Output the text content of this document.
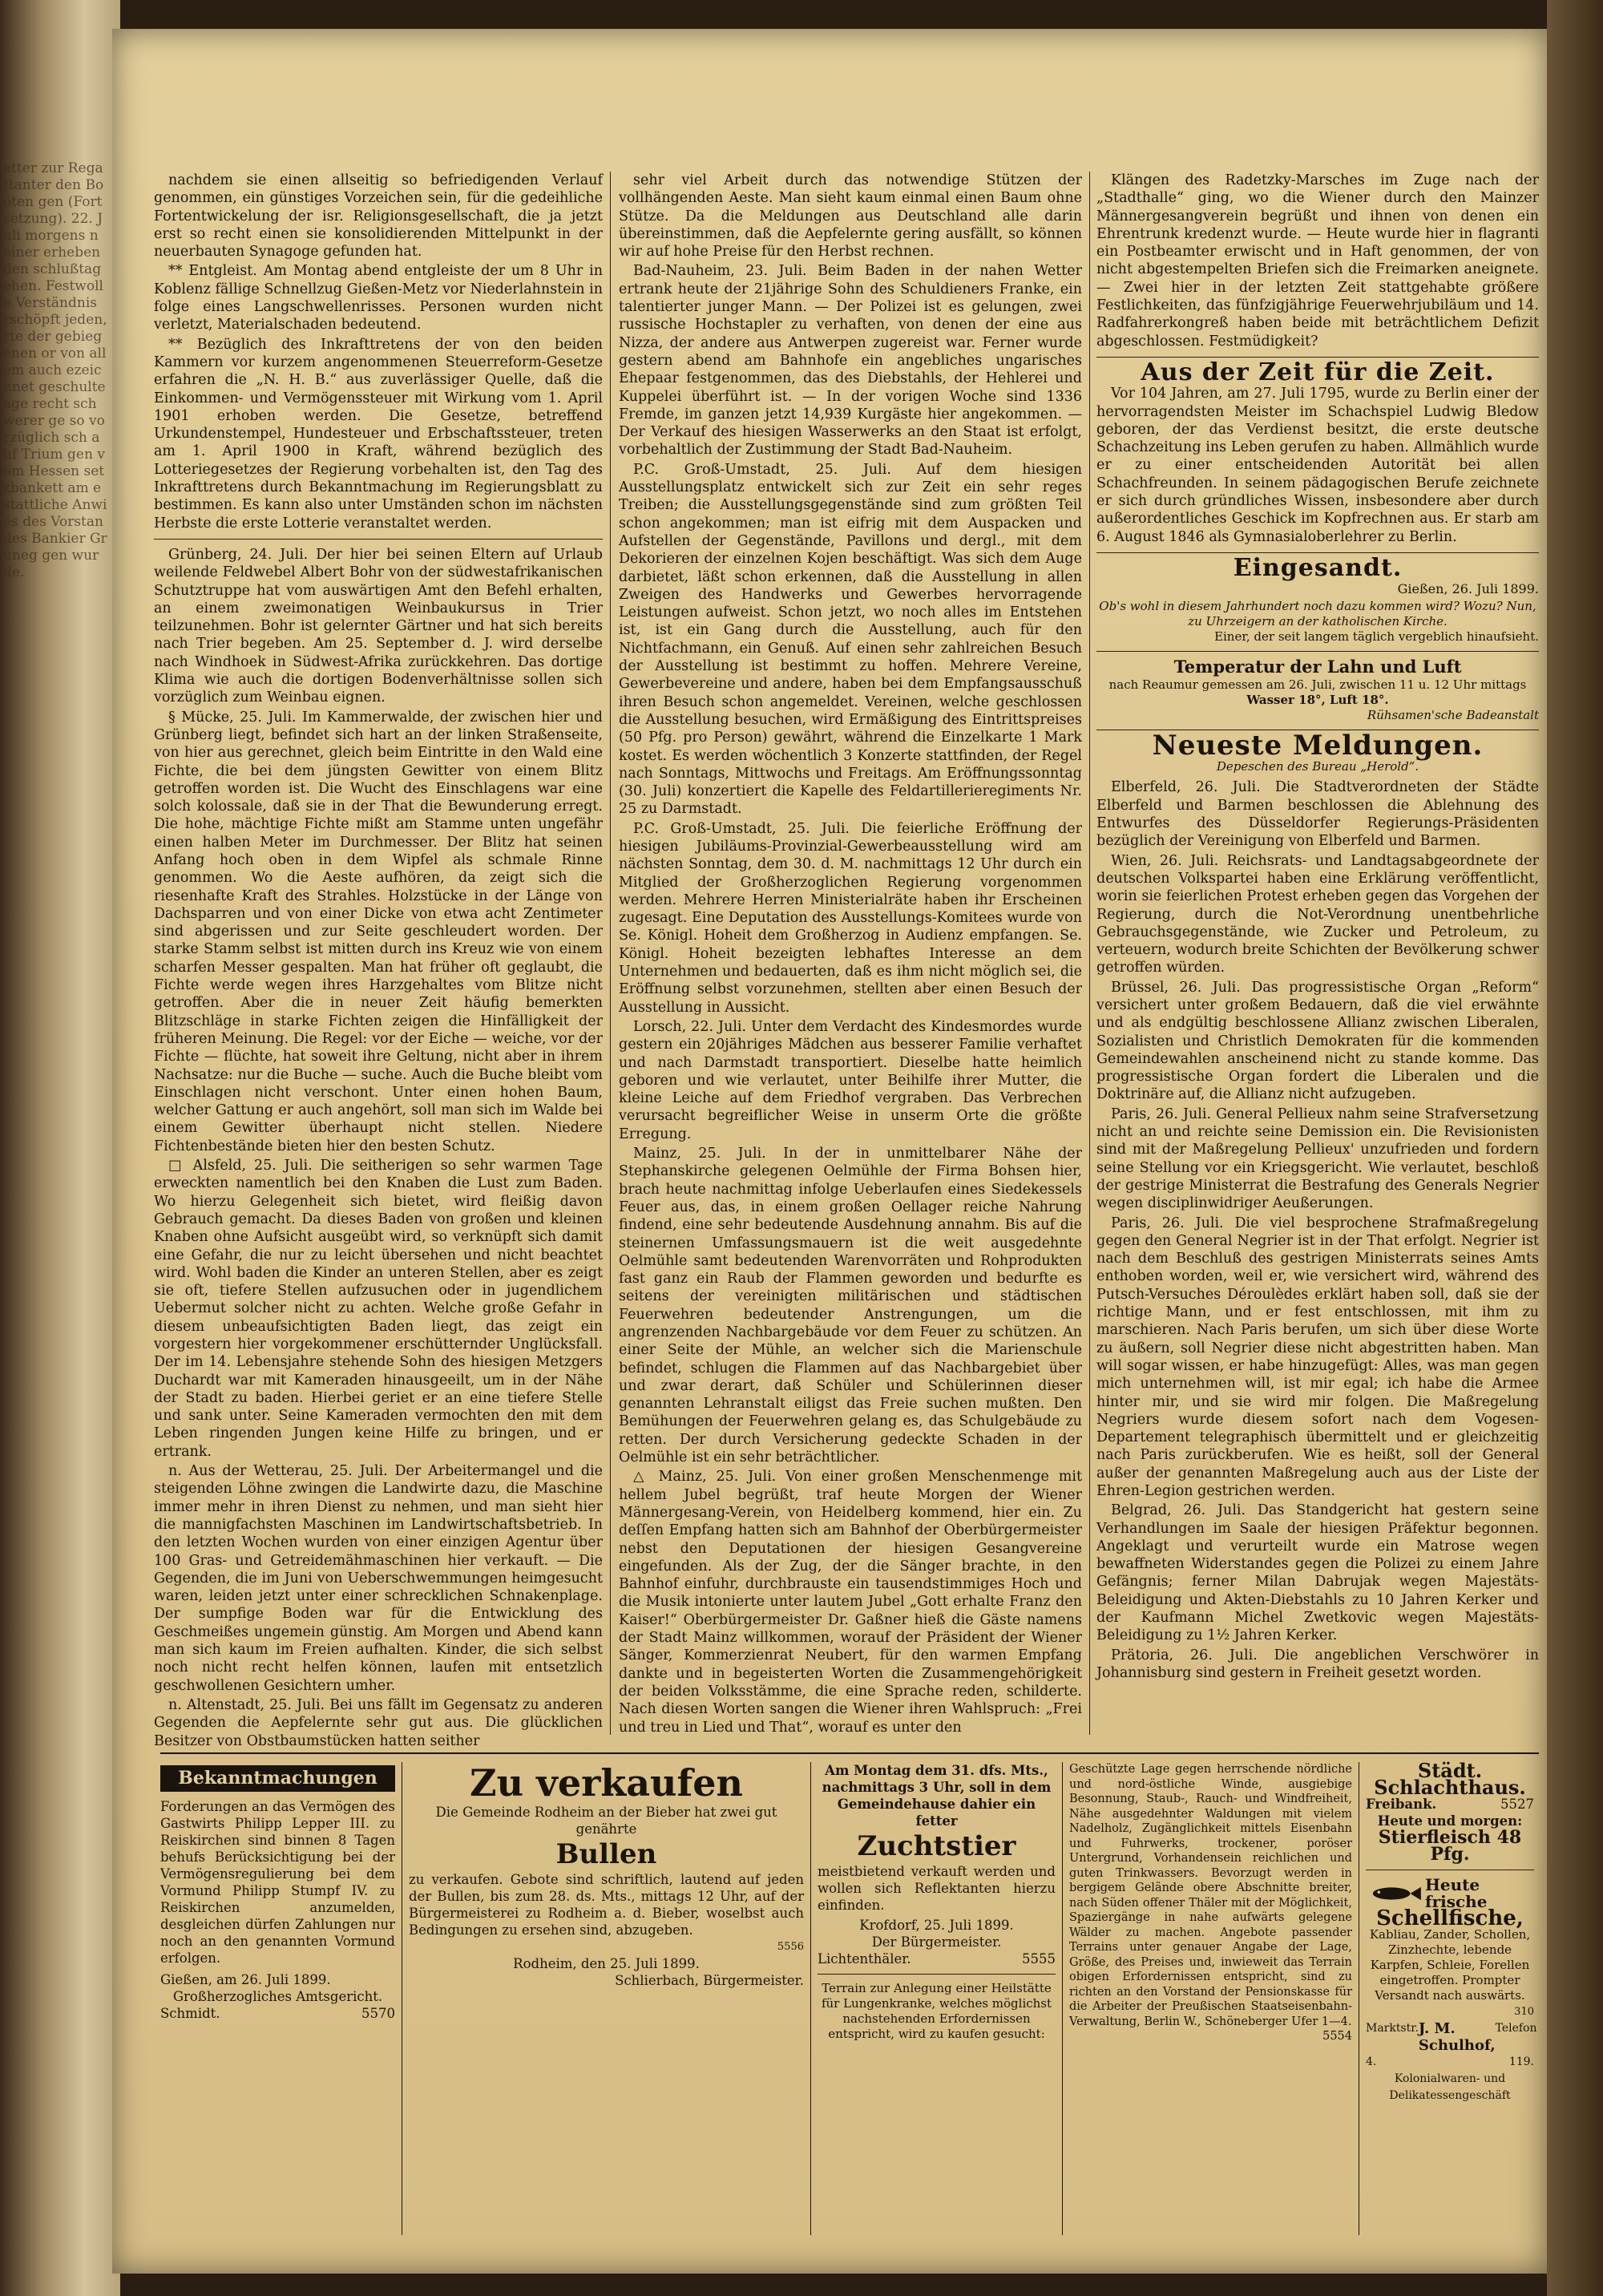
etter zur Regattanter den Booten gen (Fortsetzung). 22. Juli morgens n einer erhebenden schlußtag ehen. Festwolle Verständnis rschöpft jeden, rte der gebiegenen or von allem auch ezeichnet geschulte age recht schwerer ge so vorzüglich sch auf Trium gen vom Hessen setzbankett am e stattliche Anwies des Vorstandes Bankier Grüneg gen wurde.

nachdem sie einen allseitig so befriedigenden Verlauf genommen, ein günstiges Vorzeichen sein, für die gedeihliche Fortentwickelung der isr. Religionsgesellschaft, die ja jetzt erst so recht einen sie konsolidierenden Mittelpunkt in der neuerbauten Synagoge gefunden hat.

** Entgleist. Am Montag abend entgleiste der um 8 Uhr in Koblenz fällige Schnellzug Gießen-Metz vor Niederlahnstein in folge eines Langschwellenrisses. Personen wurden nicht verletzt, Materialschaden bedeutend.

** Bezüglich des Inkrafttretens der von den beiden Kammern vor kurzem angenommenen Steuerreform-Gesetze erfahren die „N. H. B.“ aus zuverlässiger Quelle, daß die Einkommen- und Vermögenssteuer mit Wirkung vom 1. April 1901 erhoben werden. Die Gesetze, betreffend Urkundenstempel, Hundesteuer und Erbschaftssteuer, treten am 1. April 1900 in Kraft, während bezüglich des Lotteriegesetzes der Regierung vorbehalten ist, den Tag des Inkrafttretens durch Bekanntmachung im Regierungsblatt zu bestimmen. Es kann also unter Umständen schon im nächsten Herbste die erste Lotterie veranstaltet werden.

Grünberg, 24. Juli. Der hier bei seinen Eltern auf Urlaub weilende Feldwebel Albert Bohr von der südwestafrikanischen Schutztruppe hat vom auswärtigen Amt den Befehl erhalten, an einem zweimonatigen Weinbaukursus in Trier teilzunehmen. Bohr ist gelernter Gärtner und hat sich bereits nach Trier begeben. Am 25. September d. J. wird derselbe nach Windhoek in Südwest-Afrika zurückkehren. Das dortige Klima wie auch die dortigen Bodenverhältnisse sollen sich vorzüglich zum Weinbau eignen.

§ Mücke, 25. Juli. Im Kammerwalde, der zwischen hier und Grünberg liegt, befindet sich hart an der linken Straßenseite, von hier aus gerechnet, gleich beim Eintritte in den Wald eine Fichte, die bei dem jüngsten Gewitter von einem Blitz getroffen worden ist. Die Wucht des Einschlagens war eine solch kolossale, daß sie in der That die Bewunderung erregt. Die hohe, mächtige Fichte mißt am Stamme unten ungefähr einen halben Meter im Durchmesser. Der Blitz hat seinen Anfang hoch oben in dem Wipfel als schmale Rinne genommen. Wo die Aeste aufhören, da zeigt sich die riesenhafte Kraft des Strahles. Holzstücke in der Länge von Dachsparren und von einer Dicke von etwa acht Zentimeter sind abgerissen und zur Seite geschleudert worden. Der starke Stamm selbst ist mitten durch ins Kreuz wie von einem scharfen Messer gespalten. Man hat früher oft geglaubt, die Fichte werde wegen ihres Harzgehaltes vom Blitze nicht getroffen. Aber die in neuer Zeit häufig bemerkten Blitzschläge in starke Fichten zeigen die Hinfälligkeit der früheren Meinung. Die Regel: vor der Eiche — weiche, vor der Fichte — flüchte, hat soweit ihre Geltung, nicht aber in ihrem Nachsatze: nur die Buche — suche. Auch die Buche bleibt vom Einschlagen nicht verschont. Unter einen hohen Baum, welcher Gattung er auch angehört, soll man sich im Walde bei einem Gewitter überhaupt nicht stellen. Niedere Fichtenbestände bieten hier den besten Schutz.

□ Alsfeld, 25. Juli. Die seitherigen so sehr warmen Tage erweckten namentlich bei den Knaben die Lust zum Baden. Wo hierzu Gelegenheit sich bietet, wird fleißig davon Gebrauch gemacht. Da dieses Baden von großen und kleinen Knaben ohne Aufsicht ausgeübt wird, so verknüpft sich damit eine Gefahr, die nur zu leicht übersehen und nicht beachtet wird. Wohl baden die Kinder an unteren Stellen, aber es zeigt sie oft, tiefere Stellen aufzusuchen oder in jugendlichem Uebermut solcher nicht zu achten. Welche große Gefahr in diesem unbeaufsichtigten Baden liegt, das zeigt ein vorgestern hier vorgekommener erschütternder Unglücksfall. Der im 14. Lebensjahre stehende Sohn des hiesigen Metzgers Duchardt war mit Kameraden hinausgeeilt, um in der Nähe der Stadt zu baden. Hierbei geriet er an eine tiefere Stelle und sank unter. Seine Kameraden vermochten den mit dem Leben ringenden Jungen keine Hilfe zu bringen, und er ertrank.

n. Aus der Wetterau, 25. Juli. Der Arbeitermangel und die steigenden Löhne zwingen die Landwirte dazu, die Maschine immer mehr in ihren Dienst zu nehmen, und man sieht hier die mannigfachsten Maschinen im Landwirtschaftsbetrieb. In den letzten Wochen wurden von einer einzigen Agentur über 100 Gras- und Getreidemähmaschinen hier verkauft. — Die Gegenden, die im Juni von Ueberschwemmungen heimgesucht waren, leiden jetzt unter einer schrecklichen Schnakenplage. Der sumpfige Boden war für die Entwicklung des Geschmeißes ungemein günstig. Am Morgen und Abend kann man sich kaum im Freien aufhalten. Kinder, die sich selbst noch nicht recht helfen können, laufen mit entsetzlich geschwollenen Gesichtern umher.

n. Altenstadt, 25. Juli. Bei uns fällt im Gegensatz zu anderen Gegenden die Aepfelernte sehr gut aus. Die glücklichen Besitzer von Obstbaumstücken hatten seither

sehr viel Arbeit durch das notwendige Stützen der vollhängenden Aeste. Man sieht kaum einmal einen Baum ohne Stütze. Da die Meldungen aus Deutschland alle darin übereinstimmen, daß die Aepfelernte gering ausfällt, so können wir auf hohe Preise für den Herbst rechnen.

Bad-Nauheim, 23. Juli. Beim Baden in der nahen Wetter ertrank heute der 21jährige Sohn des Schuldieners Franke, ein talentierter junger Mann. — Der Polizei ist es gelungen, zwei russische Hochstapler zu verhaften, von denen der eine aus Nizza, der andere aus Antwerpen zugereist war. Ferner wurde gestern abend am Bahnhofe ein angebliches ungarisches Ehepaar festgenommen, das des Diebstahls, der Hehlerei und Kuppelei überführt ist. — In der vorigen Woche sind 1336 Fremde, im ganzen jetzt 14,939 Kurgäste hier angekommen. — Der Verkauf des hiesigen Wasserwerks an den Staat ist erfolgt, vorbehaltlich der Zustimmung der Stadt Bad-Nauheim.

P.C. Groß-Umstadt, 25. Juli. Auf dem hiesigen Ausstellungsplatz entwickelt sich zur Zeit ein sehr reges Treiben; die Ausstellungsgegenstände sind zum größten Teil schon angekommen; man ist eifrig mit dem Auspacken und Aufstellen der Gegenstände, Pavillons und dergl., mit dem Dekorieren der einzelnen Kojen beschäftigt. Was sich dem Auge darbietet, läßt schon erkennen, daß die Ausstellung in allen Zweigen des Handwerks und Gewerbes hervorragende Leistungen aufweist. Schon jetzt, wo noch alles im Entstehen ist, ist ein Gang durch die Ausstellung, auch für den Nichtfachmann, ein Genuß. Auf einen sehr zahlreichen Besuch der Ausstellung ist bestimmt zu hoffen. Mehrere Vereine, Gewerbevereine und andere, haben bei dem Empfangsausschuß ihren Besuch schon angemeldet. Vereinen, welche geschlossen die Ausstellung besuchen, wird Ermäßigung des Eintrittspreises (50 Pfg. pro Person) gewährt, während die Einzelkarte 1 Mark kostet. Es werden wöchentlich 3 Konzerte stattfinden, der Regel nach Sonntags, Mittwochs und Freitags. Am Eröffnungssonntag (30. Juli) konzertiert die Kapelle des Feldartillerieregiments Nr. 25 zu Darmstadt.

P.C. Groß-Umstadt, 25. Juli. Die feierliche Eröffnung der hiesigen Jubiläums-Provinzial-Gewerbeausstellung wird am nächsten Sonntag, dem 30. d. M. nachmittags 12 Uhr durch ein Mitglied der Großherzoglichen Regierung vorgenommen werden. Mehrere Herren Ministerialräte haben ihr Erscheinen zugesagt. Eine Deputation des Ausstellungs-Komitees wurde von Se. Königl. Hoheit dem Großherzog in Audienz empfangen. Se. Königl. Hoheit bezeigten lebhaftes Interesse an dem Unternehmen und bedauerten, daß es ihm nicht möglich sei, die Eröffnung selbst vorzunehmen, stellten aber einen Besuch der Ausstellung in Aussicht.

Lorsch, 22. Juli. Unter dem Verdacht des Kindesmordes wurde gestern ein 20jähriges Mädchen aus besserer Familie verhaftet und nach Darmstadt transportiert. Dieselbe hatte heimlich geboren und wie verlautet, unter Beihilfe ihrer Mutter, die kleine Leiche auf dem Friedhof vergraben. Das Verbrechen verursacht begreiflicher Weise in unserm Orte die größte Erregung.

Mainz, 25. Juli. In der in unmittelbarer Nähe der Stephanskirche gelegenen Oelmühle der Firma Bohsen hier, brach heute nachmittag infolge Ueberlaufen eines Siedekessels Feuer aus, das, in einem großen Oellager reiche Nahrung findend, eine sehr bedeutende Ausdehnung annahm. Bis auf die steinernen Umfassungsmauern ist die weit ausgedehnte Oelmühle samt bedeutenden Warenvorräten und Rohprodukten fast ganz ein Raub der Flammen geworden und bedurfte es seitens der vereinigten militärischen und städtischen Feuerwehren bedeutender Anstrengungen, um die angrenzenden Nachbargebäude vor dem Feuer zu schützen. An einer Seite der Mühle, an welcher sich die Marienschule befindet, schlugen die Flammen auf das Nachbargebiet über und zwar derart, daß Schüler und Schülerinnen dieser genannten Lehranstalt eiligst das Freie suchen mußten. Den Bemühungen der Feuerwehren gelang es, das Schulgebäude zu retten. Der durch Versicherung gedeckte Schaden in der Oelmühle ist ein sehr beträchtlicher.

△ Mainz, 25. Juli. Von einer großen Menschenmenge mit hellem Jubel begrüßt, traf heute Morgen der Wiener Männergesang-Verein, von Heidelberg kommend, hier ein. Zu deſſen Empfang hatten sich am Bahnhof der Oberbürgermeister nebst den Deputationen der hiesigen Gesangvereine eingefunden. Als der Zug, der die Sänger brachte, in den Bahnhof einfuhr, durchbrauste ein tausendstimmiges Hoch und die Musik intonierte unter lautem Jubel „Gott erhalte Franz den Kaiser!“ Oberbürgermeister Dr. Gaßner hieß die Gäste namens der Stadt Mainz willkommen, worauf der Präsident der Wiener Sänger, Kommerzienrat Neubert, für den warmen Empfang dankte und in begeisterten Worten die Zusammengehörigkeit der beiden Volksstämme, die eine Sprache reden, schilderte. Nach diesen Worten sangen die Wiener ihren Wahlspruch: „Frei und treu in Lied und That“, worauf es unter den

Klängen des Radetzky-Marsches im Zuge nach der „Stadthalle“ ging, wo die Wiener durch den Mainzer Männergesangverein begrüßt und ihnen von denen ein Ehrentrunk kredenzt wurde. — Heute wurde hier in flagranti ein Postbeamter erwischt und in Haft genommen, der von nicht abgestempelten Briefen sich die Freimarken aneignete. — Zwei hier in der letzten Zeit stattgehabte größere Festlichkeiten, das fünfzigjährige Feuerwehrjubiläum und 14. Radfahrerkongreß haben beide mit beträchtlichem Defizit abgeschlossen. Festmüdigkeit?

Aus der Zeit für die Zeit.

Vor 104 Jahren, am 27. Juli 1795, wurde zu Berlin einer der hervorragendsten Meister im Schachspiel Ludwig Bledow geboren, der das Verdienst besitzt, die erste deutsche Schachzeitung ins Leben gerufen zu haben. Allmählich wurde er zu einer entscheidenden Autorität bei allen Schachfreunden. In seinem pädagogischen Berufe zeichnete er sich durch gründliches Wissen, insbesondere aber durch außerordentliches Geschick im Kopfrechnen aus. Er starb am 6. August 1846 als Gymnasialoberlehrer zu Berlin.

Eingesandt.
Gießen, 26. Juli 1899.
Ob's wohl in diesem Jahrhundert noch dazu kommen wird? Wozu? Nun, zu Uhrzeigern an der katholischen Kirche.
Einer, der seit langem täglich vergeblich hinaufsieht.
Temperatur der Lahn und Luft
nach Reaumur gemessen am 26. Juli, zwischen 11 u. 12 Uhr mittags
Wasser 18°, Luft 18°.
Rühsamen'sche Badeanstalt
Neueste Meldungen.
Depeschen des Bureau „Herold“.

Elberfeld, 26. Juli. Die Stadtverordneten der Städte Elberfeld und Barmen beschlossen die Ablehnung des Entwurfes des Düsseldorfer Regierungs-Präsidenten bezüglich der Vereinigung von Elberfeld und Barmen.

Wien, 26. Juli. Reichsrats- und Landtagsabgeordnete der deutschen Volkspartei haben eine Erklärung veröffentlicht, worin sie feierlichen Protest erheben gegen das Vorgehen der Regierung, durch die Not-Verordnung unentbehrliche Gebrauchsgegenstände, wie Zucker und Petroleum, zu verteuern, wodurch breite Schichten der Bevölkerung schwer getroffen würden.

Brüssel, 26. Juli. Das progressistische Organ „Reform“ versichert unter großem Bedauern, daß die viel erwähnte und als endgültig beschlossene Allianz zwischen Liberalen, Sozialisten und Christlich Demokraten für die kommenden Gemeindewahlen anscheinend nicht zu stande komme. Das progressistische Organ fordert die Liberalen und die Doktrinäre auf, die Allianz nicht aufzugeben.

Paris, 26. Juli. General Pellieux nahm seine Strafversetzung nicht an und reichte seine Demission ein. Die Revisionisten sind mit der Maßregelung Pellieux' unzufrieden und fordern seine Stellung vor ein Kriegsgericht. Wie verlautet, beschloß der gestrige Ministerrat die Bestrafung des Generals Negrier wegen disciplinwidriger Aeußerungen.

Paris, 26. Juli. Die viel besprochene Strafmaßregelung gegen den General Negrier ist in der That erfolgt. Negrier ist nach dem Beschluß des gestrigen Ministerrats seines Amts enthoben worden, weil er, wie versichert wird, während des Putsch-Versuches Déroulèdes erklärt haben soll, daß sie der richtige Mann, und er fest entschlossen, mit ihm zu marschieren. Nach Paris berufen, um sich über diese Worte zu äußern, soll Negrier diese nicht abgestritten haben. Man will sogar wissen, er habe hinzugefügt: Alles, was man gegen mich unternehmen will, ist mir egal; ich habe die Armee hinter mir, und sie wird mir folgen. Die Maßregelung Negriers wurde diesem sofort nach dem Vogesen-Departement telegraphisch übermittelt und er gleichzeitig nach Paris zurückberufen. Wie es heißt, soll der General außer der genannten Maßregelung auch aus der Liste der Ehren-Legion gestrichen werden.

Belgrad, 26. Juli. Das Standgericht hat gestern seine Verhandlungen im Saale der hiesigen Präfektur begonnen. Angeklagt und verurteilt wurde ein Matrose wegen bewaffneten Widerstandes gegen die Polizei zu einem Jahre Gefängnis; ferner Milan Dabrujak wegen Majestäts-Beleidigung und Akten-Diebstahls zu 10 Jahren Kerker und der Kaufmann Michel Zwetkovic wegen Majestäts-Beleidigung zu 1½ Jahren Kerker.

Prätoria, 26. Juli. Die angeblichen Verschwörer in Johannisburg sind gestern in Freiheit gesetzt worden.

Bekanntmachungen
Forderungen an das Vermögen des Gastwirts Philipp Lepper III. zu Reiskirchen sind binnen 8 Tagen behufs Berücksichtigung bei der Vermögensregulierung bei dem Vormund Philipp Stumpf IV. zu Reiskirchen anzumelden, desgleichen dürfen Zahlungen nur noch an den genannten Vormund erfolgen.
Gießen, am 26. Juli 1899.
Großherzogliches Amtsgericht.
Schmidt.	5570
Zu verkaufen
Die Gemeinde Rodheim an der Bieber hat zwei gut genährte
Bullen
zu verkaufen. Gebote sind schriftlich, lautend auf jeden der Bullen, bis zum 28. ds. Mts., mittags 12 Uhr, auf der Bürgermeisterei zu Rodheim a. d. Bieber, woselbst auch Bedingungen zu ersehen sind, abzugeben.
5556
Rodheim, den 25. Juli 1899.
Schlierbach, Bürgermeister.
Am Montag dem 31. dfs. Mts., nachmittags 3 Uhr, soll in dem Gemeindehause dahier ein fetter
Zuchtstier
meistbietend verkauft werden und wollen sich Reflektanten hierzu einfinden.
Krofdorf, 25. Juli 1899.
Der Bürgermeister.
Lichtenthäler.	5555
Terrain zur Anlegung einer Heilstätte für Lungenkranke, welches möglichst nachstehenden Erfordernissen entspricht, wird zu kaufen gesucht:
Geschützte Lage gegen herrschende nördliche und nord-östliche Winde, ausgiebige Besonnung, Staub-, Rauch- und Windfreiheit, Nähe ausgedehnter Waldungen mit vielem Nadelholz, Zugänglichkeit mittels Eisenbahn und Fuhrwerks, trockener, poröser Untergrund, Vorhandensein reichlichen und guten Trinkwassers. Bevorzugt werden in bergigem Gelände obere Abschnitte breiter, nach Süden offener Thäler mit der Möglichkeit, Spaziergänge in nahe aufwärts gelegene Wälder zu machen. Angebote passender Terrains unter genauer Angabe der Lage, Größe, des Preises und, inwieweit das Terrain obigen Erfordernissen entspricht, sind zu richten an den Vorstand der Pensionskasse für die Arbeiter der Preußischen Staatseisenbahn-Verwaltung, Berlin W., Schöneberger Ufer 1—4.
5554
Städt. Schlachthaus.
Freibank.	5527
Heute und morgen:
Stierfleisch 48 Pfg.
Heute frische
Schellfische,
Kabliau, Zander, Schollen, Zinzhechte, lebende Karpfen, Schleie, Forellen eingetroffen. Prompter Versandt nach auswärts.
310
Marktstr. J. M. Schulhof,
Telefon
4.	119.
Kolonialwaren- und Delikatessengeschäft
